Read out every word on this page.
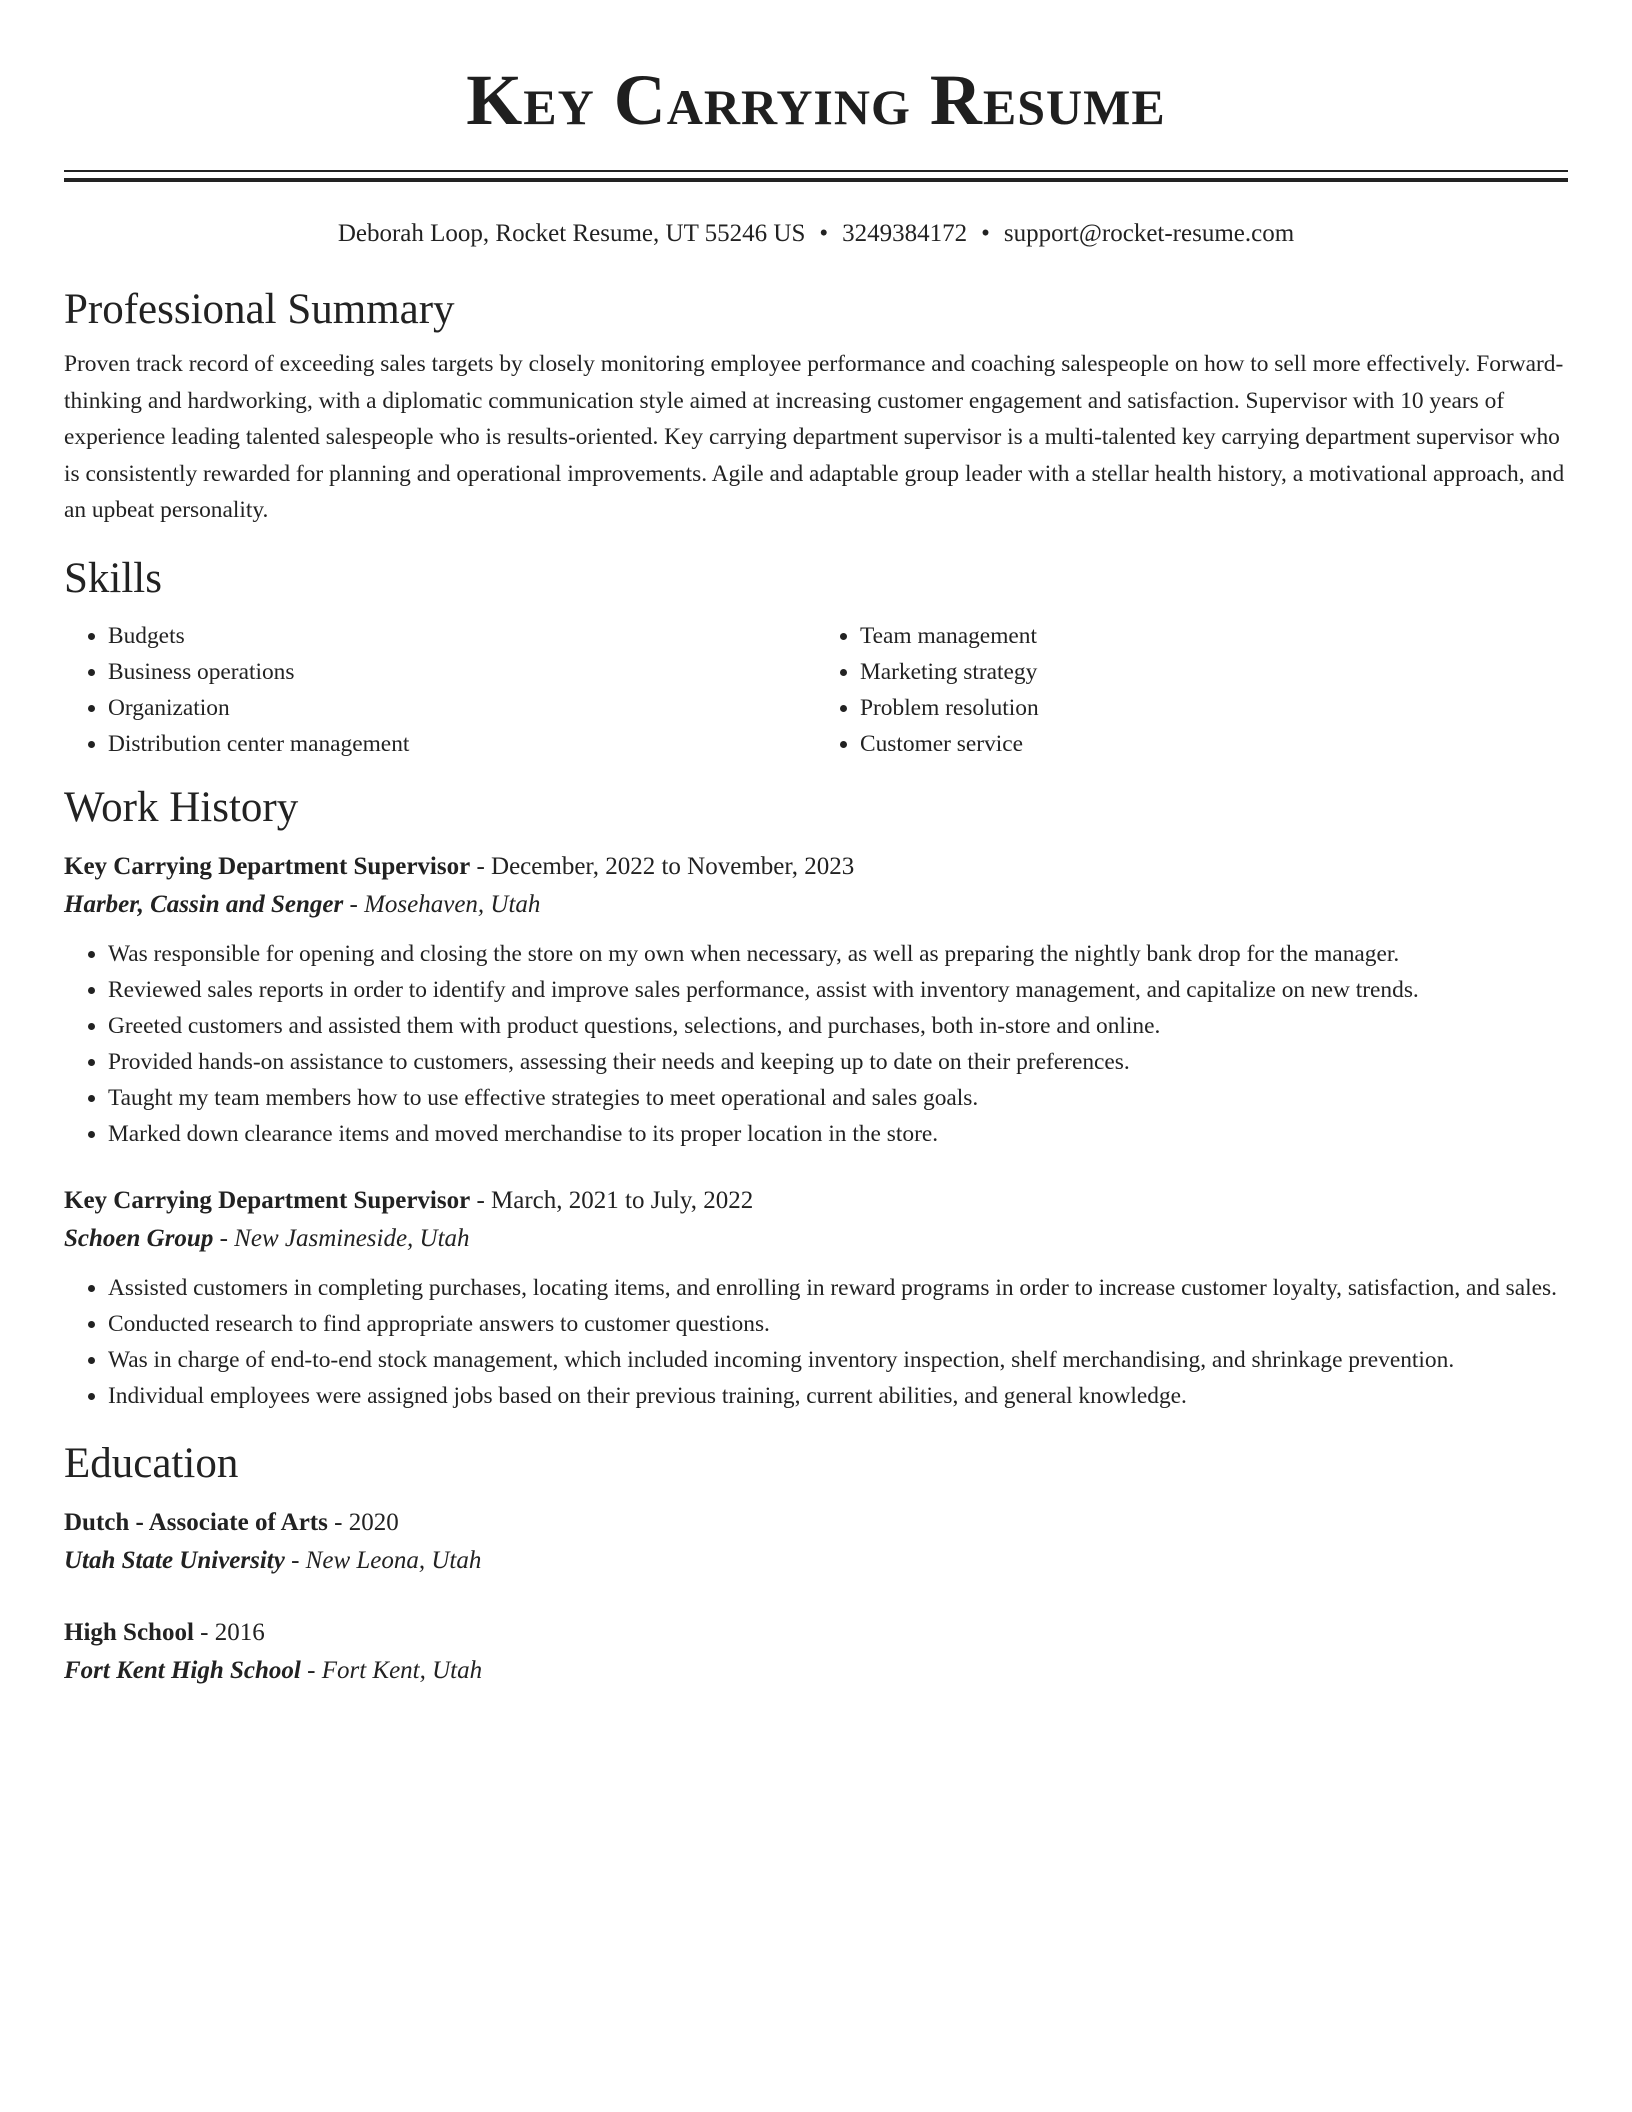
Key Carrying Resume
Deborah Loop, Rocket Resume, UT 55246 US • 3249384172 • support@rocket-resume.com
Professional Summary

Proven track record of exceeding sales targets by closely monitoring employee performance and coaching salespeople on how to sell more effectively. Forward-thinking and hardworking, with a diplomatic communication style aimed at increasing customer engagement and satisfaction. Supervisor with 10 years of experience leading talented salespeople who is results-oriented. Key carrying department supervisor is a multi-talented key carrying department supervisor who is consistently rewarded for planning and operational improvements. Agile and adaptable group leader with a stellar health history, a motivational approach, and an upbeat personality.

Skills
• Budgets
• Business operations
• Organization
• Distribution center management
• Team management
• Marketing strategy
• Problem resolution
• Customer service
Work History

Key Carrying Department Supervisor - December, 2022 to November, 2023

Harber, Cassin and Senger - Mosehaven, Utah

• Was responsible for opening and closing the store on my own when necessary, as well as preparing the nightly bank drop for the manager.
• Reviewed sales reports in order to identify and improve sales performance, assist with inventory management, and capitalize on new trends.
• Greeted customers and assisted them with product questions, selections, and purchases, both in-store and online.
• Provided hands-on assistance to customers, assessing their needs and keeping up to date on their preferences.
• Taught my team members how to use effective strategies to meet operational and sales goals.
• Marked down clearance items and moved merchandise to its proper location in the store.

Key Carrying Department Supervisor - March, 2021 to July, 2022

Schoen Group - New Jasmineside, Utah

• Assisted customers in completing purchases, locating items, and enrolling in reward programs in order to increase customer loyalty, satisfaction, and sales.
• Conducted research to find appropriate answers to customer questions.
• Was in charge of end-to-end stock management, which included incoming inventory inspection, shelf merchandising, and shrinkage prevention.
• Individual employees were assigned jobs based on their previous training, current abilities, and general knowledge.
Education

Dutch - Associate of Arts - 2020

Utah State University - New Leona, Utah

High School - 2016

Fort Kent High School - Fort Kent, Utah
